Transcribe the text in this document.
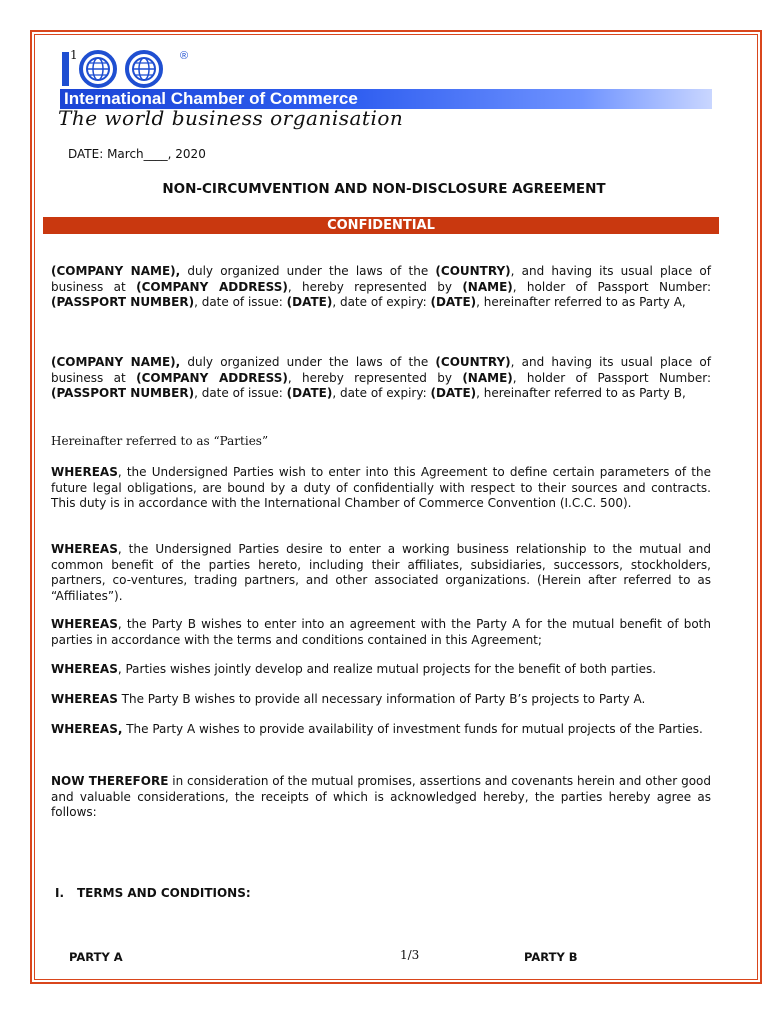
1	®
International Chamber of Commerce
The world business organisation
DATE: March____, 2020
NON-CIRCUMVENTION AND NON-DISCLOSURE AGREEMENT
CONFIDENTIAL
(COMPANY NAME), duly organized under the laws of the (COUNTRY), and having its usual place of business at (COMPANY ADDRESS), hereby represented by (NAME), holder of Passport Number: (PASSPORT NUMBER), date of issue: (DATE), date of expiry: (DATE), hereinafter referred to as Party A,
(COMPANY NAME), duly organized under the laws of the (COUNTRY), and having its usual place of business at (COMPANY ADDRESS), hereby represented by (NAME), holder of Passport Number: (PASSPORT NUMBER), date of issue: (DATE), date of expiry: (DATE), hereinafter referred to as Party B,
Hereinafter referred to as “Parties”
WHEREAS, the Undersigned Parties wish to enter into this Agreement to define certain parameters of the future legal obligations, are bound by a duty of confidentially with respect to their sources and contracts. This duty is in accordance with the International Chamber of Commerce Convention (I.C.C. 500).
WHEREAS, the Undersigned Parties desire to enter a working business relationship to the mutual and common benefit of the parties hereto, including their affiliates, subsidiaries, successors, stockholders, partners, co-ventures, trading partners, and other associated organizations. (Herein after referred to as “Affiliates”).
WHEREAS, the Party B wishes to enter into an agreement with the Party A for the mutual benefit of both parties in accordance with the terms and conditions contained in this Agreement;
WHEREAS, Parties wishes jointly develop and realize mutual projects for the benefit of both parties.
WHEREAS The Party B wishes to provide all necessary information of Party B’s projects to Party A.
WHEREAS, The Party A wishes to provide availability of investment funds for mutual projects of the Parties.
NOW THEREFORE in consideration of the mutual promises, assertions and covenants herein and other good and valuable considerations, the receipts of which is acknowledged hereby, the parties hereby agree as follows:
I. TERMS AND CONDITIONS:
PARTY A	1/3	PARTY B
